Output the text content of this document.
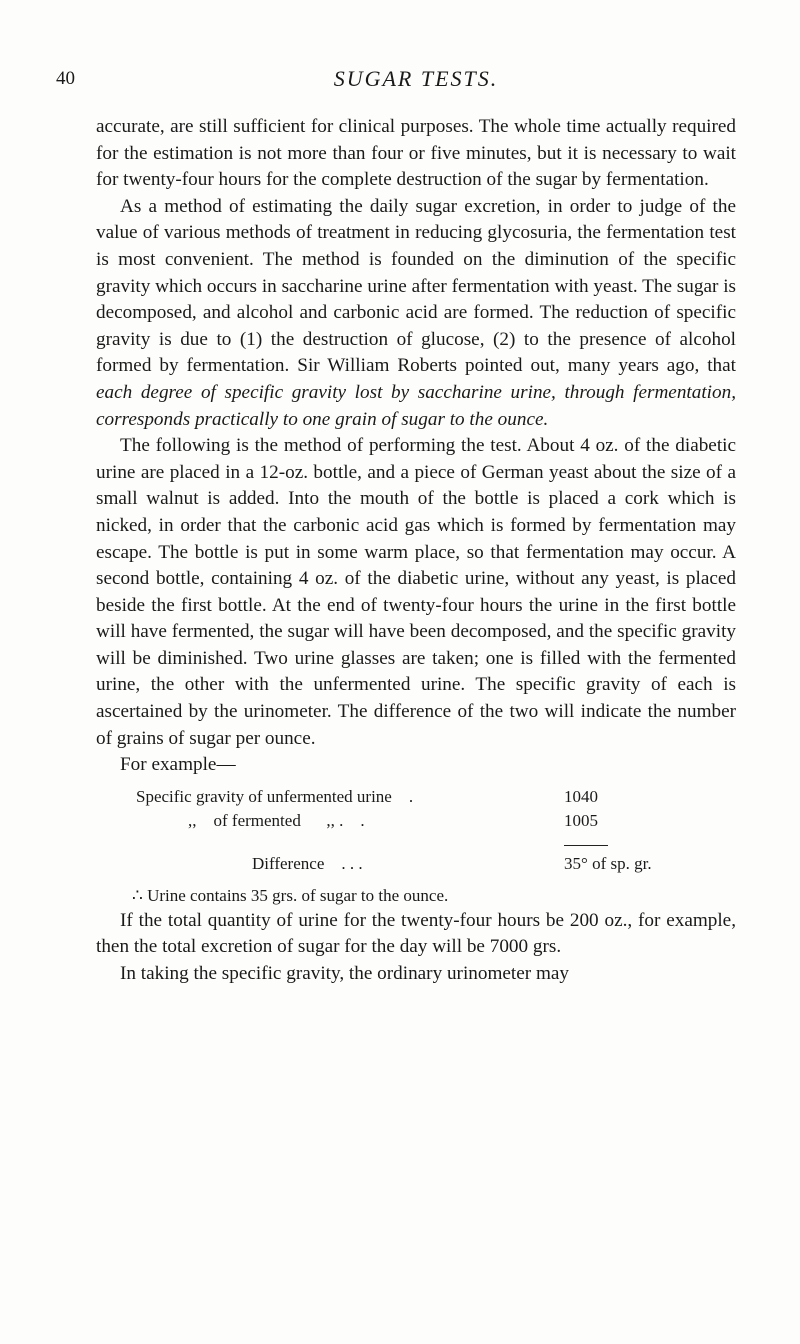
40	SUGAR TESTS.

accurate, are still sufficient for clinical purposes. The whole time actually required for the estimation is not more than four or five minutes, but it is necessary to wait for twenty-four hours for the complete destruction of the sugar by fermentation.

As a method of estimating the daily sugar excretion, in order to judge of the value of various methods of treatment in reducing glycosuria, the fermentation test is most convenient. The method is founded on the diminution of the specific gravity which occurs in saccharine urine after fermentation with yeast. The sugar is decomposed, and alcohol and carbonic acid are formed. The reduction of specific gravity is due to (1) the destruction of glucose, (2) to the presence of alcohol formed by fermentation. Sir William Roberts pointed out, many years ago, that each degree of specific gravity lost by saccharine urine, through fermentation, corresponds practically to one grain of sugar to the ounce.

The following is the method of performing the test. About 4 oz. of the diabetic urine are placed in a 12-oz. bottle, and a piece of German yeast about the size of a small walnut is added. Into the mouth of the bottle is placed a cork which is nicked, in order that the carbonic acid gas which is formed by fermentation may escape. The bottle is put in some warm place, so that fermentation may occur. A second bottle, containing 4 oz. of the diabetic urine, without any yeast, is placed beside the first bottle. At the end of twenty-four hours the urine in the first bottle will have fermented, the sugar will have been decomposed, and the specific gravity will be diminished. Two urine glasses are taken; one is filled with the fermented urine, the other with the unfermented urine. The specific gravity of each is ascertained by the urinometer. The difference of the two will indicate the number of grains of sugar per ounce.

For example—

Specific gravity of unfermented urine .	1040
,, of fermented ,, . .	1005
Difference . . .	35° of sp. gr.
∴ Urine contains 35 grs. of sugar to the ounce.

If the total quantity of urine for the twenty-four hours be 200 oz., for example, then the total excretion of sugar for the day will be 7000 grs.

In taking the specific gravity, the ordinary urinometer may
